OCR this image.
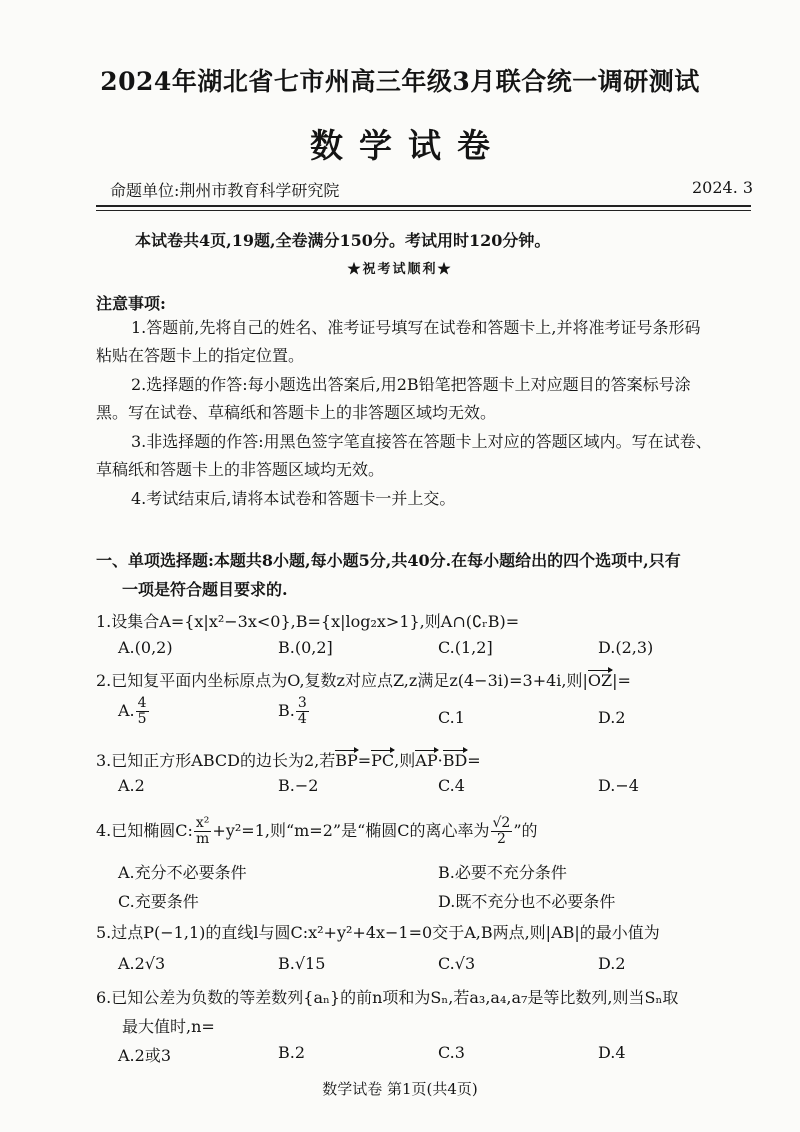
2024年湖北省七市州高三年级3月联合统一调研测试
数学试卷
命题单位:荆州市教育科学研究院	2024. 3
本试卷共4页,19题,全卷满分150分。考试用时120分钟。
★祝考试顺利★
注意事项:
1.答题前,先将自己的姓名、准考证号填写在试卷和答题卡上,并将准考证号条形码
粘贴在答题卡上的指定位置。
2.选择题的作答:每小题选出答案后,用2B铅笔把答题卡上对应题目的答案标号涂
黑。写在试卷、草稿纸和答题卡上的非答题区域均无效。
3.非选择题的作答:用黑色签字笔直接答在答题卡上对应的答题区域内。写在试卷、
草稿纸和答题卡上的非答题区域均无效。
4.考试结束后,请将本试卷和答题卡一并上交。
一、单项选择题:本题共8小题,每小题5分,共40分.在每小题给出的四个选项中,只有
一项是符合题目要求的.
1.设集合A={x|x²−3x<0},B={x|log₂x>1},则A∩(∁ᵣB)=
A.(0,2)	B.(0,2]	C.(1,2]	D.(2,3)
2.已知复平面内坐标原点为O,复数z对应点Z,z满足z(4−3i)=3+4i,则|OZ|=
A. $\frac{4}{5}$	B. $\frac{3}{4}$	C.1	D.2
3.已知正方形ABCD的边长为2,若BP=PC,则AP·BD=
A.2	B.−2	C.4	D.−4
4.已知椭圆C: $\frac{\text{x²}}{m} +y^2=1$,则“m=2”是“椭圆C的离心率为 $\frac{√2}{2}$ ”的
A.充分不必要条件	B.必要不充分条件
C.充要条件	D.既不充分也不必要条件
5.过点P(−1,1)的直线l与圆C:x²+y²+4x−1=0交于A,B两点,则|AB|的最小值为
A.2√3	B.√15	C.√3	D.2
6.已知公差为负数的等差数列{aₙ}的前n项和为Sₙ,若a₃,a₄,a₇是等比数列,则当Sₙ取
最大值时,n=
A.2或3	B.2	C.3	D.4
数学试卷 第1页(共4页)
